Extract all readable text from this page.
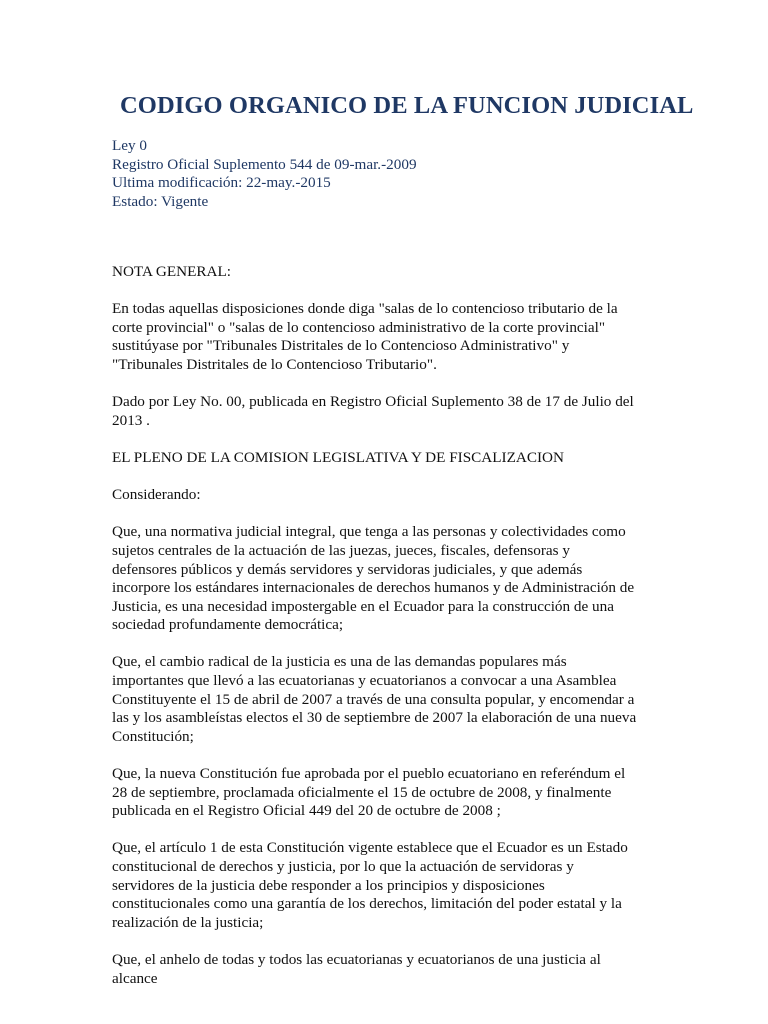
CODIGO ORGANICO DE LA FUNCION JUDICIAL
Ley 0
Registro Oficial Suplemento 544 de 09-mar.-2009
Ultima modificación: 22-may.-2015
Estado: Vigente

NOTA GENERAL:

En todas aquellas disposiciones donde diga "salas de lo contencioso tributario de la corte provincial" o "salas de lo contencioso administrativo de la corte provincial" sustitúyase por "Tribunales Distritales de lo Contencioso Administrativo" y "Tribunales Distritales de lo Contencioso Tributario".

Dado por Ley No. 00, publicada en Registro Oficial Suplemento 38 de 17 de Julio del 2013 .

EL PLENO DE LA COMISION LEGISLATIVA Y DE FISCALIZACION

Considerando:

Que, una normativa judicial integral, que tenga a las personas y colectividades como sujetos centrales de la actuación de las juezas, jueces, fiscales, defensoras y defensores públicos y demás servidores y servidoras judiciales, y que además incorpore los estándares internacionales de derechos humanos y de Administración de Justicia, es una necesidad impostergable en el Ecuador para la construcción de una sociedad profundamente democrática;

Que, el cambio radical de la justicia es una de las demandas populares más importantes que llevó a las ecuatorianas y ecuatorianos a convocar a una Asamblea Constituyente el 15 de abril de 2007 a través de una consulta popular, y encomendar a las y los asambleístas electos el 30 de septiembre de 2007 la elaboración de una nueva Constitución;

Que, la nueva Constitución fue aprobada por el pueblo ecuatoriano en referéndum el 28 de septiembre, proclamada oficialmente el 15 de octubre de 2008, y finalmente publicada en el Registro Oficial 449 del 20 de octubre de 2008 ;

Que, el artículo 1 de esta Constitución vigente establece que el Ecuador es un Estado constitucional de derechos y justicia, por lo que la actuación de servidoras y servidores de la justicia debe responder a los principios y disposiciones constitucionales como una garantía de los derechos, limitación del poder estatal y la realización de la justicia;

Que, el anhelo de todas y todos las ecuatorianas y ecuatorianos de una justicia al alcance
